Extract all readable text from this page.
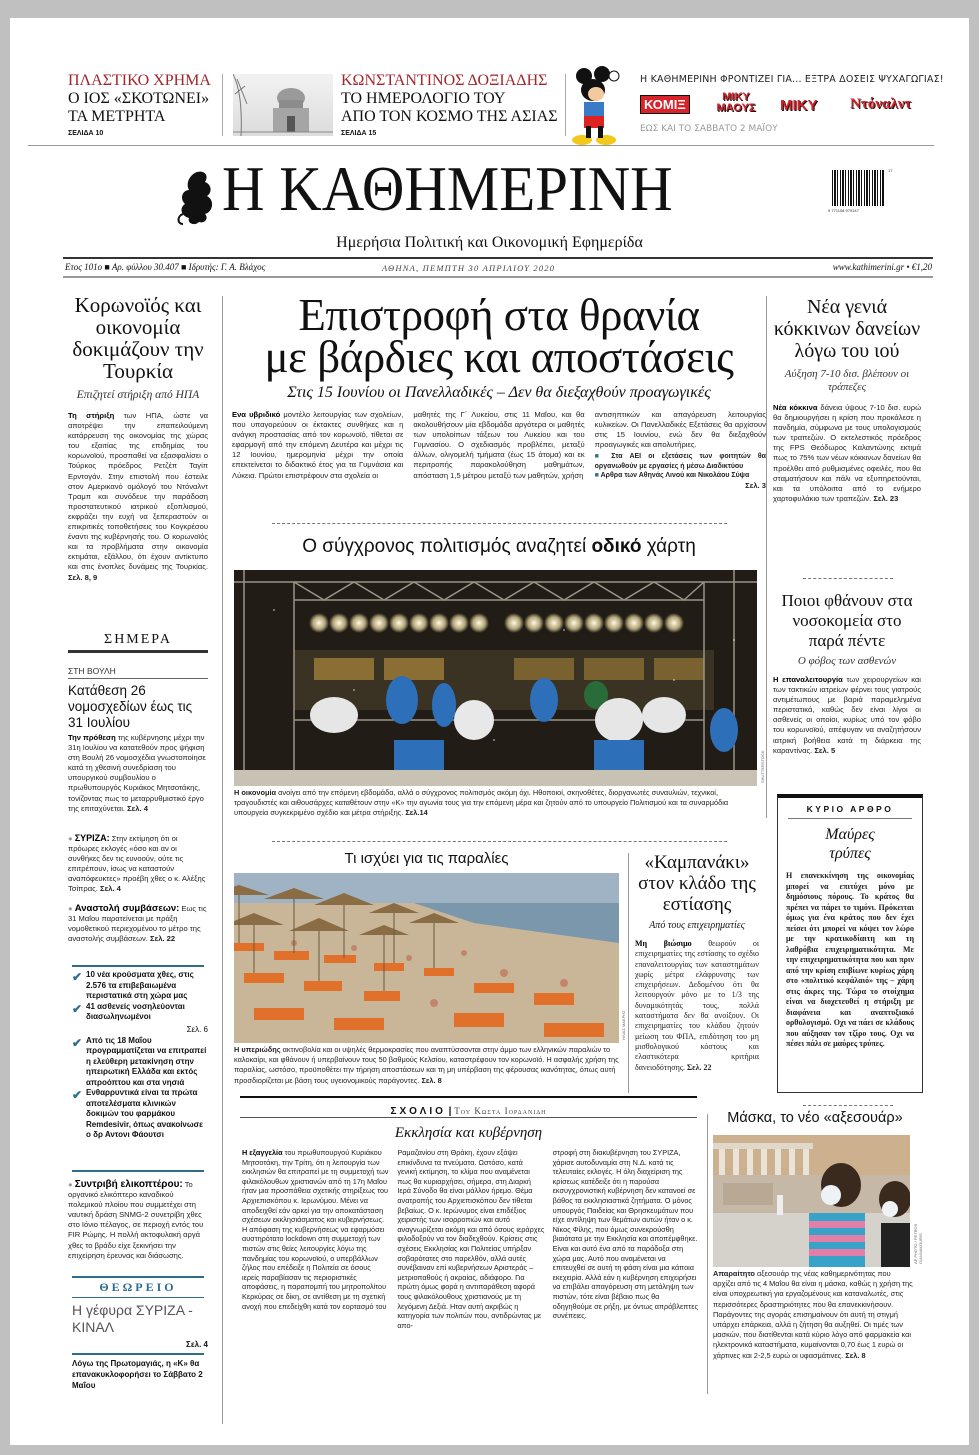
ΠΛΑΣΤΙΚΟ ΧΡΗΜΑ
Ο ΙΟΣ «ΣΚΟΤΩΝΕΙ»
ΤΑ ΜΕΤΡΗΤΑ
ΣΕΛΙΔΑ 10
ΚΩΝΣΤΑΝΤΙΝΟΣ ΔΟΞΙΑΔΗΣ
ΤΟ ΗΜΕΡΟΛΟΓΙΟ ΤΟΥ
ΑΠΟ ΤΟΝ ΚΟΣΜΟ ΤΗΣ ΑΣΙΑΣ
ΣΕΛΙΔΑ 15
Η ΚΑΘΗΜΕΡΙΝΗ ΦΡΟΝΤΙΖΕΙ ΓΙΑ... ΕΞΤΡΑ ΔΟΣΕΙΣ ΨΥΧΑΓΩΓΙΑΣ!
ΚΟΜΙΞ	ΜΙΚΥ ΜΑΟΥΣ	ΜΙΚΥ Ντόναλντ
ΕΩΣ ΚΑΙ ΤΟ ΣΑΒΒΑΤΟ 2 ΜΑΪΟΥ
Η ΚΑΘΗΜΕΡΙΝΗ	9 771108 979147
17
Ημερήσια Πολιτική και Οικονομική Εφημερίδα
Ετος 101ο ■ Αρ. φύλλου 30.407 ■ Ιδρυτής: Γ. Α. Βλάχος	ΑΘΗΝΑ, ΠΕΜΠΤΗ 30 ΑΠΡΙΛΙΟΥ 2020	www.kathimerini.gr • €1,20
Κορωνοϊός και οικονομία δοκιμάζουν την Τουρκία
Επιζητεί στήριξη από ΗΠΑ
Τη στήριξη των ΗΠΑ, ώστε να αποτρέψει την επαπειλούμενη κατάρρευση της οικονομίας της χώρας του εξαιτίας της επιδημίας του κορωνοϊού, προσπαθεί να εξασφαλίσει ο Τούρκος πρόεδρος Ρετζέπ Ταγίπ Ερντογάν. Στην επιστολή που έστειλε στον Αμερικανό ομόλογό του Ντόναλντ Τραμπ και συνόδευε την παράδοση προστατευτικού ιατρικού εξοπλισμού, εκφράζει την ευχή να ξεπεραστούν οι επικριτικές τοποθετήσεις του Κογκρέσου έναντι της κυβέρνησής του. Ο κορωνοϊός και τα προβλήματα στην οικονομία εκτιμάται, εξάλλου, ότι έχουν αντίκτυπο και στις ένοπλες δυνάμεις της Τουρκίας. Σελ. 8, 9
ΣΗΜΕΡΑ
ΣΤΗ ΒΟΥΛΗ
Κατάθεση 26 νομοσχεδίων έως τις 31 Ιουλίου
Την πρόθεση της κυβέρνησης μέχρι την 31η Ιουλίου να κατατεθούν προς ψήφιση στη Βουλή 26 νομοσχέδια γνωστοποίησε κατά τη χθεσινή συνεδρίαση του υπουργικού συμβουλίου ο πρωθυπουργός Κυριάκος Μητσοτάκης, τονίζοντας πως το μεταρρυθμιστικό έργο της επιταχύνεται. Σελ. 4
● ΣΥΡΙΖΑ: Στην εκτίμηση ότι οι πρόωρες εκλογές «όσο και αν οι συνθήκες δεν τις ευνοούν, ούτε τις επιτρέπουν, ίσως να καταστούν αναπόφευκτες» προέβη χθες ο κ. Αλέξης Τσίπρας. Σελ. 4
● Αναστολή συμβάσεων: Εως τις 31 Μαΐου παρατείνεται με πράξη νομοθετικού περιεχομένου το μέτρο της αναστολής συμβάσεων. Σελ. 22
✔ 10 νέα κρούσματα χθες, στις 2.576 τα επιβεβαιωμένα περιστατικά στη χώρα μας
✔ 41 ασθενείς νοσηλεύονται διασωληνωμένοι
Σελ. 6
✔ Από τις 18 Μαΐου προγραμματίζεται να επιτραπεί η ελεύθερη μετακίνηση στην ηπειρωτική Ελλάδα και εκτός απροόπτου και στα νησιά
✔ Ενθαρρυντικά είναι τα πρώτα αποτελέσματα κλινικών δοκιμών του φαρμάκου Remdesivir, όπως ανακοίνωσε ο δρ Αντονι Φάουτσι
● Συντριβή ελικοπτέρου: Το οργανικό ελικόπτερο καναδικού πολεμικού πλοίου που συμμετέχει στη ναυτική δράση SNMG-2 συνετρίβη χθες στο Ιόνιο πέλαγος, σε περιοχή εντός του FIR Ρώμης. Η πολλή ακτοφυλακή αργά χθες το βράδυ είχε ξεκινήσει την επιχείρηση έρευνας και διάσωσης.
ΘΕΩΡΕΙΟ
Η γέφυρα ΣΥΡΙΖΑ - ΚΙΝΑΛ
Σελ. 4
Λόγω της Πρωτομαγιάς, η «Κ» θα επανακυκλοφορήσει το Σάββατο 2 Μαΐου
Επιστροφή στα θρανία
με βάρδιες και αποστάσεις
Στις 15 Ιουνίου οι Πανελλαδικές – Δεν θα διεξαχθούν προαγωγικές
Ενα υβριδικό μοντέλο λειτουργίας των σχολείων, που υπαγορεύουν οι έκτακτες συνθήκες και η ανάγκη προστασίας από τον κορωνοϊό, τίθεται σε εφαρμογή από την επόμενη Δευτέρα και μέχρι τις 12 Ιουνίου, ημερομηνία μέχρι την οποία επεκτείνεται το διδακτικό έτος για τα Γυμνάσια και Λύκεια. Πρώτοι επιστρέφουν στα σχολεία οι
μαθητές της Γ΄ Λυκείου, στις 11 Μαΐου, και θα ακολουθήσουν μία εβδομάδα αργότερα οι μαθητές των υπολοίπων τάξεων του Λυκείου και του Γυμνασίου. Ο σχεδιασμός προβλέπει, μεταξύ άλλων, ολιγομελή τμήματα (έως 15 άτομα) και εκ περιτροπής παρακολούθηση μαθημάτων, απόσταση 1,5 μέτρου μεταξύ των μαθητών, χρήση
αντισηπτικών και απαγόρευση λειτουργίας κυλικείων. Οι Πανελλαδικές Εξετάσεις θα αρχίσουν στις 15 Ιουνίου, ενώ δεν θα διεξαχθούν προαγωγικές και απολυτήριες.
■ Στα ΑΕΙ οι εξετάσεις των φοιτητών θα οργανωθούν με εργασίες ή μέσω Διαδικτύου
■ Αρθρα των Αθηνάς Λινού και Νικολάου Σύψα
Σελ. 3
Ο σύγχρονος πολιτισμός αναζητεί οδικό χάρτη
SHUTTERSTOCK
Η οικονομία ανοίγει από την επόμενη εβδομάδα, αλλά ο σύγχρονος πολιτισμός ακόμη όχι. Ηθοποιοί, σκηνοθέτες, διοργανωτές συναυλιών, τεχνικοί, τραγουδιστές και αιθουσάρχες καταθέτουν στην «Κ» την αγωνία τους για την επόμενη μέρα και ζητούν από το υπουργείο Πολιτισμού και τα συναρμόδια υπουργεία συγκεκριμένο σχέδιο και μέτρα στήριξης. Σελ.14
Τι ισχύει για τις παραλίες
ΗΛΙΑΣ ΜΑΚΡΗΣ
Η υπεριώδης ακτινοβολία και οι υψηλές θερμοκρασίες που αναπτύσσονται στην άμμο των ελληνικών παραλιών το καλοκαίρι, και φθάνουν ή υπερβαίνουν τους 50 βαθμούς Κελσίου, καταστρέφουν τον κορωνοϊό. Η ασφαλής χρήση της παραλίας, ωστόσο, προϋποθέτει την τήρηση αποστάσεων και τη μη υπέρβαση της φέρουσας ικανότητας, όπως αυτή προσδιορίζεται με βάση τους υγειονομικούς παράγοντες. Σελ. 8
«Καμπανάκι» στον κλάδο της εστίασης
Από τους επιχειρηματίες
Μη βιώσιμο θεωρούν οι επιχειρηματίες της εστίασης το σχέδιο επαναλειτουργίας των καταστημάτων χωρίς μέτρα ελάφρυνσης των επιχειρήσεων. Δεδομένου ότι θα λειτουργούν μόνο με το 1/3 της δυναμικότητάς τους, πολλά καταστήματα δεν θα ανοίξουν. Οι επιχειρηματίες του κλάδου ζητούν μείωση του ΦΠΑ, επιδότηση του μη μισθολογικού κόστους και ελαστικότερα κριτήρια δανειοδότησης. Σελ. 22
Νέα γενιά κόκκινων δανείων λόγω του ιού
Αύξηση 7-10 δισ. βλέπουν οι τράπεζες
Νέα κόκκινα δάνεια ύψους 7-10 δισ. ευρώ θα δημιουργήσει η κρίση που προκάλεσε η πανδημία, σύμφωνα με τους υπολογισμούς των τραπεζών. Ο εκτελεστικός πρόεδρος της FPS Θεόδωρος Καλαντώνης εκτιμά πως το 75% των νέων κόκκινων δανείων θα προέλθει από ρυθμισμένες οφειλές, που θα σταματήσουν και πάλι να εξυπηρετούνται, και τα υπόλοιπα από το ενήμερο χαρτοφυλάκιο των τραπεζών. Σελ. 23
Ποιοι φθάνουν στα νοσοκομεία στο παρά πέντε
Ο φόβος των ασθενών
Η επαναλειτουργία των χειρουργείων και των τακτικών ιατρείων φέρνει τους γιατρούς αντιμέτωπους με βαριά παραμελημένα περιστατικά, καθώς δεν είναι λίγοι οι ασθενείς οι οποίοι, κυρίως υπό τον φόβο του κορωνοϊού, απέφυγαν να αναζητήσουν ιατρική βοήθεια κατά τη διάρκεια της καραντίνας. Σελ. 5
ΚΥΡΙΟ ΑΡΘΡΟ
Μαύρες τρύπες
Η επανεκκίνηση της οικονομίας μπορεί να επιτύχει μόνο με δημόσιους πόρους. Το κράτος θα πρέπει να πάρει το τιμόνι. Πρόκειται όμως για ένα κράτος που δεν έχει πείσει ότι μπορεί να κόψει τον λώρο με την κρατικοδίαιτη και τη λαθρόβια επιχειρηματικότητα. Με την επιχειρηματικότητα που και πριν από την κρίση επιβίωνε κυρίως χάρη στο «πολιτικό κεφάλαιό» της – χάρη στις άκρες της. Τώρα το στοίχημα είναι να διοχετευθεί η στήριξη με διαφάνεια και αναπτυξιακό ορθολογισμό. Οχι να πάει σε κλάδους που αύξησαν τον τζίρο τους. Οχι να πέσει πάλι σε μαύρες τρύπες.
ΣΧΟΛΙΟ | Του Κωστα Ιορδανιδη
Εκκλησία και κυβέρνηση
Η εξαγγελία του πρωθυπουργού Κυριάκου Μητσοτάκη, την Τρίτη, ότι η λειτουργία των εκκλησιών θα επιτραπεί με τη συμμετοχή των φιλακόλουθων χριστιανών από τη 17η Μαΐου ήταν μια προσπάθεια σχετικής στηρίξεως του Αρχιεπισκόπου κ. Ιερωνύμου. Μένει να αποδειχθεί εάν αρκεί για την αποκατάσταση σχέσεων εκκλησιάσματος και κυβερνήσεως. Η απόφαση της κυβερνήσεως να εφαρμόσει αυστηρότατο lockdown στη συμμετοχή των πιστών στις θείες λειτουργίες λόγω της πανδημίας του κορωνοϊού, ο υπερβάλλων ζήλος που επέδειξε η Πολιτεία σε όσους ιερείς παραβίασαν τις περιοριστικές αποφάσεις, η παραπομπή του μητροπολίτου Κερκύρας σε δίκη, σε αντίθεση με τη σχετική ανοχή που επεδείχθη κατά τον εορτασμό του
Ραμαζανίου στη Θράκη, έχουν εξάψει επικίνδυνα τα πνεύματα. Ωστόσο, κατά γενική εκτίμηση, το κλίμα που αναμένεται πως θα κυριαρχήσει, σήμερα, στη Διαρκή Ιερά Σύνοδο θα είναι μάλλον ήρεμο. Θέμα ανατροπής του Αρχιεπισκόπου δεν τίθεται βεβαίως. Ο κ. Ιερώνυμος είναι επιδέξιος χειριστής των ισορροπιών και αυτό αναγνωρίζεται ακόμη και από όσους ιεράρχες φιλοδοξούν να τον διαδεχθούν. Κρίσεις στις σχέσεις Εκκλησίας και Πολιτείας υπήρξαν σοβαρότατες στο παρελθόν, αλλά αυτές συνέβαιναν επί κυβερνήσεων Αριστεράς – μετριοπαθούς ή ακραίας, αδιάφορο. Για πρώτη όμως φορά η αντιπαράθεση αφορά τους φιλακόλουθους χριστιανούς με τη λεγόμενη Δεξιά. Ηταν αυτή ακριβώς η κατηγορία των πολιτών που, αντιδρώντας με απο-
στροφή στη διακυβέρνηση του ΣΥΡΙΖΑ, χάρισε αυτοδυναμία στη Ν.Δ. κατά τις τελευταίες εκλογές. Η όλη διαχείριση της κρίσεως κατέδειξε ότι η παρούσα εκσυγχρονιστική κυβέρνηση δεν κατανοεί σε βάθος τα εκκλησιαστικά ζητήματα. Ο μόνος υπουργός Παιδείας και Θρησκευμάτων που είχε αντίληψη των θεμάτων αυτών ήταν ο κ. Νίκος Φίλης, που όμως συνεκρούσθη βιαιότατα με την Εκκλησία και αποπέμφθηκε. Είναι και αυτό ένα από τα παράδοξα στη χώρα μας. Αυτό που αναμένεται να επιτευχθεί σε αυτή τη φάση είναι μια κάποια εκεχειρία. Αλλά εάν η κυβέρνηση επιχειρήσει να επιβάλει απαγόρευση στη μετάληψη των πιστών, τότε είναι βέβαιο πως θα οδηγηθούμε σε ρήξη, με όντως απρόβλεπτες συνέπειες.
Μάσκα, το νέο «αξεσουάρ»
AP PHOTO / PETROS GIANNAKOURIS
Απαραίτητο αξεσουάρ της νέας καθημερινότητας που αρχίζει από τις 4 Μαΐου θα είναι η μάσκα, καθώς η χρήση της είναι υποχρεωτική για εργαζομένους και καταναλωτές, στις περισσότερες δραστηριότητες που θα επανεκκινήσουν. Παράγοντες της αγοράς επισημαίνουν ότι αυτή τη στιγμή υπάρχει επάρκεια, αλλά η ζήτηση θα αυξηθεί. Οι τιμές των μασκών, που διατίθενται κατά κύριο λόγο από φαρμακεία και ηλεκτρονικά καταστήματα, κυμαίνονται 0,70 έως 1 ευρώ οι χάρτινες και 2-2,5 ευρώ οι υφασμάτινες. Σελ. 8
